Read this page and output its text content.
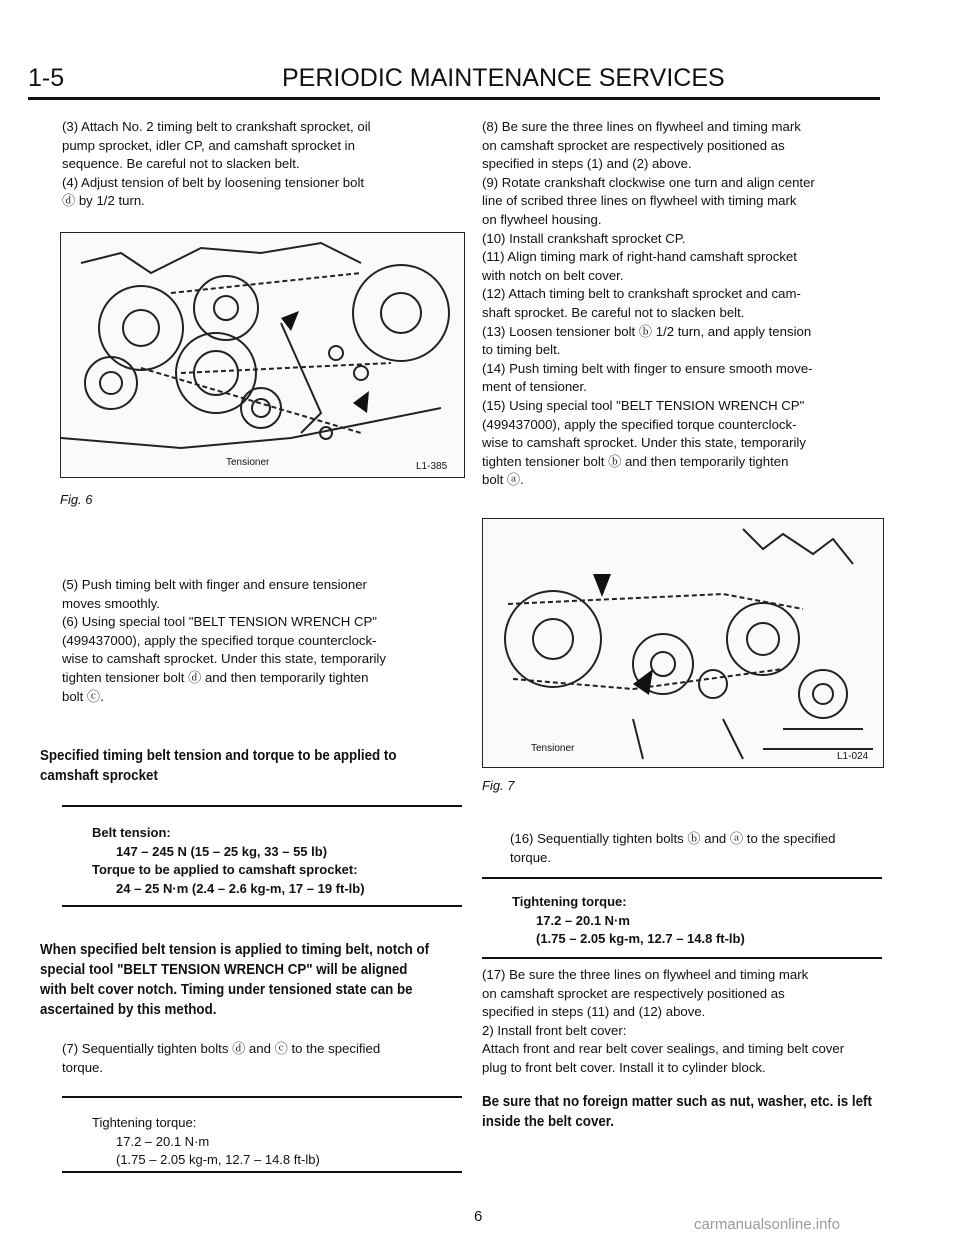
1-5	PERIODIC MAINTENANCE SERVICES

(3) Attach No. 2 timing belt to crankshaft sprocket, oil

pump sprocket, idler CP, and camshaft sprocket in

sequence. Be careful not to slacken belt.

(4) Adjust tension of belt by loosening tensioner bolt

ⓓ by 1/2 turn.

Tensioner	L1-385
Fig. 6

(5) Push timing belt with finger and ensure tensioner

moves smoothly.

(6) Using special tool "BELT TENSION WRENCH CP"

(499437000), apply the specified torque counterclock-

wise to camshaft sprocket. Under this state, temporarily

tighten tensioner bolt ⓓ and then temporarily tighten

bolt ⓒ.

Specified timing belt tension and torque to be applied to

camshaft sprocket

Belt tension:
147 – 245 N (15 – 25 kg, 33 – 55 lb)
Torque to be applied to camshaft sprocket:
24 – 25 N·m (2.4 – 2.6 kg-m, 17 – 19 ft-lb)

When specified belt tension is applied to timing belt, notch of

special tool "BELT TENSION WRENCH CP" will be aligned

with belt cover notch. Timing under tensioned state can be

ascertained by this method.

(7) Sequentially tighten bolts ⓓ and ⓒ to the specified

torque.

Tightening torque:
17.2 – 20.1 N·m
(1.75 – 2.05 kg-m, 12.7 – 14.8 ft-lb)

(8) Be sure the three lines on flywheel and timing mark

on camshaft sprocket are respectively positioned as

specified in steps (1) and (2) above.

(9) Rotate crankshaft clockwise one turn and align center

line of scribed three lines on flywheel with timing mark

on flywheel housing.

(10) Install crankshaft sprocket CP.

(11) Align timing mark of right-hand camshaft sprocket

with notch on belt cover.

(12) Attach timing belt to crankshaft sprocket and cam-

shaft sprocket. Be careful not to slacken belt.

(13) Loosen tensioner bolt ⓑ 1/2 turn, and apply tension

to timing belt.

(14) Push timing belt with finger to ensure smooth move-

ment of tensioner.

(15) Using special tool "BELT TENSION WRENCH CP"

(499437000), apply the specified torque counterclock-

wise to camshaft sprocket. Under this state, temporarily

tighten tensioner bolt ⓑ and then temporarily tighten

bolt ⓐ.

Tensioner
L1-024
Fig. 7

(16) Sequentially tighten bolts ⓑ and ⓐ to the specified

torque.

Tightening torque:
17.2 – 20.1 N·m
(1.75 – 2.05 kg-m, 12.7 – 14.8 ft-lb)

(17) Be sure the three lines on flywheel and timing mark

on camshaft sprocket are respectively positioned as

specified in steps (11) and (12) above.

2) Install front belt cover:

Attach front and rear belt cover sealings, and timing belt cover

plug to front belt cover. Install it to cylinder block.

Be sure that no foreign matter such as nut, washer, etc. is left

inside the belt cover.

6	carmanualsonline.info
